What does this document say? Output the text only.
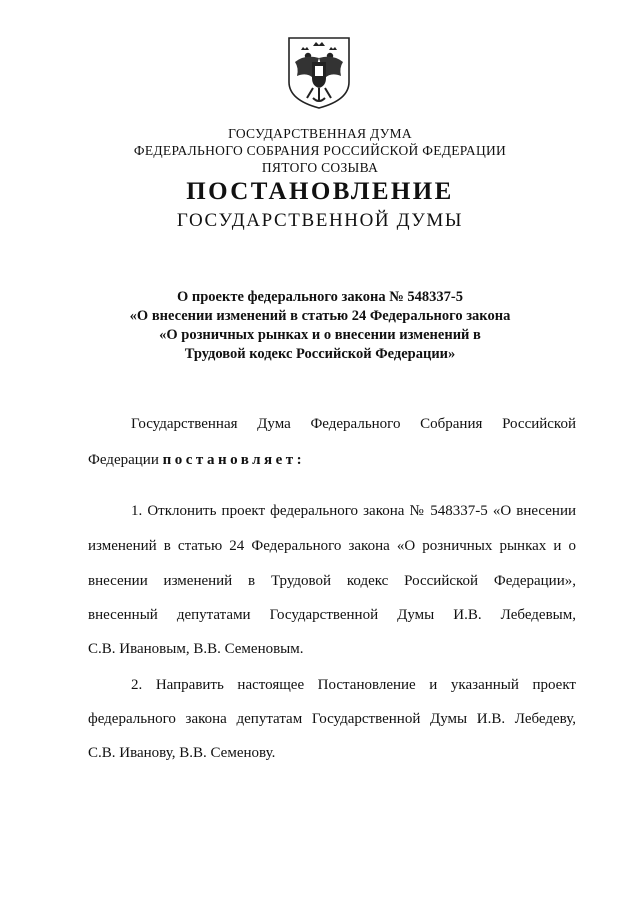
ГОСУДАРСТВЕННАЯ ДУМА
ФЕДЕРАЛЬНОГО СОБРАНИЯ РОССИЙСКОЙ ФЕДЕРАЦИИ
ПЯТОГО СОЗЫВА
ПОСТАНОВЛЕНИЕ
ГОСУДАРСТВЕННОЙ ДУМЫ
О проекте федерального закона № 548337-5
«О внесении изменений в статью 24 Федерального закона
«О розничных рынках и о внесении изменений в
Трудовой кодекс Российской Федерации»
Государственная Дума Федерального Собрания Российской
Федерации постановляет:
1. Отклонить проект федерального закона № 548337-5 «О внесении
изменений в статью 24 Федерального закона «О розничных рынках и о
внесении изменений в Трудовой кодекс Российской Федерации»,
внесенный депутатами Государственной Думы И.В. Лебедевым,
С.В. Ивановым, В.В. Семеновым.
2. Направить настоящее Постановление и указанный проект
федерального закона депутатам Государственной Думы И.В. Лебедеву,
С.В. Иванову, В.В. Семенову.
